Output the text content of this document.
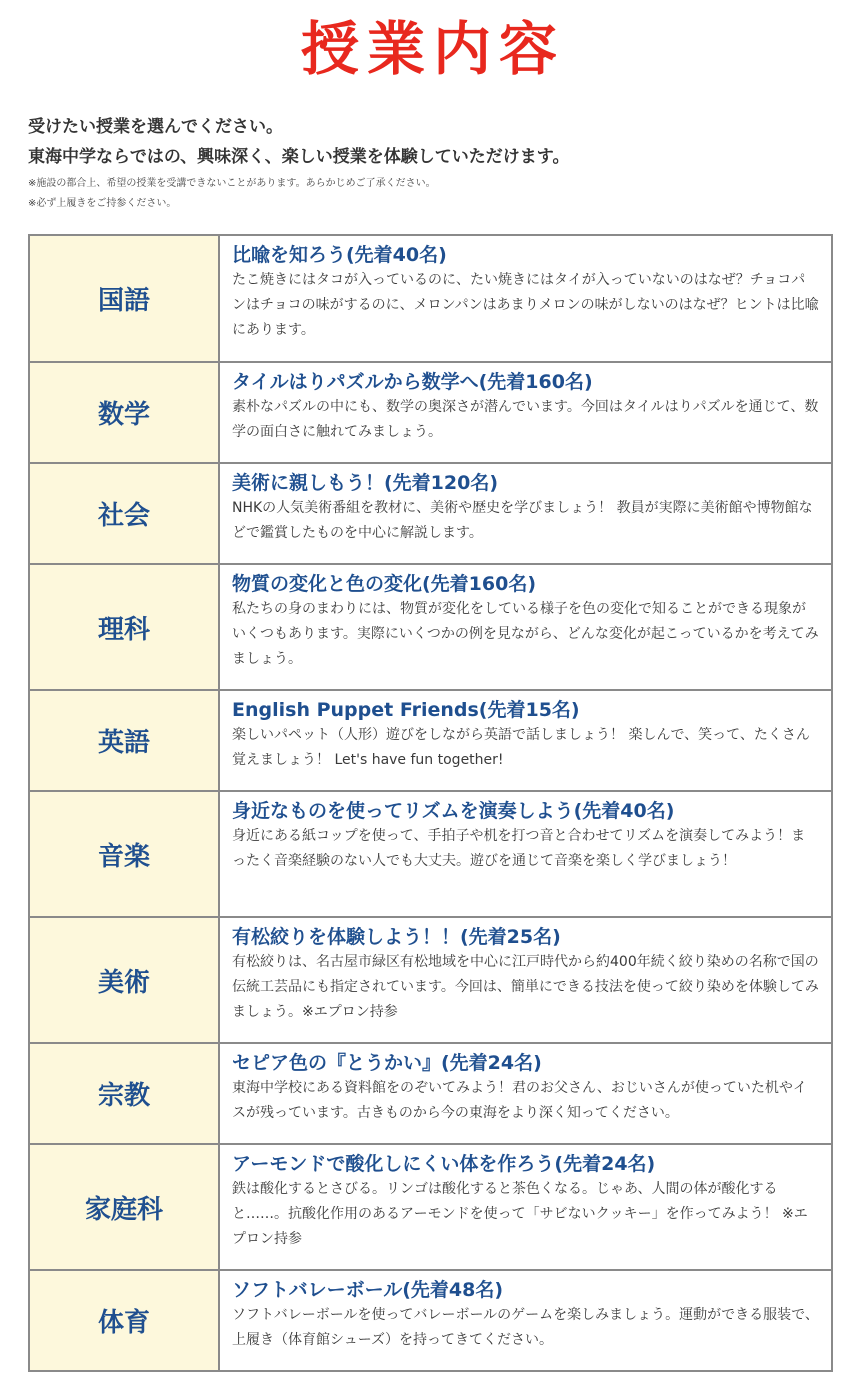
授業内容
受けたい授業を選んでください。
東海中学ならではの、興味深く、楽しい授業を体験していただけます。
※施設の都合上、希望の授業を受講できないことがあります。あらかじめご了承ください。
※必ず上履きをご持参ください。
国語	比喩を知ろう(先着40名)
たこ焼きにはタコが入っているのに、たい焼きにはタイが入っていないのはなぜ？チョコパンはチョコの味がするのに、メロンパンはあまりメロンの味がしないのはなぜ？ヒントは比喩にあります。

数学	タイルはりパズルから数学へ(先着160名)
素朴なパズルの中にも、数学の奥深さが潜んでいます。今回はタイルはりパズルを通じて、数学の面白さに触れてみましょう。

社会	美術に親しもう！(先着120名)
NHKの人気美術番組を教材に、美術や歴史を学びましょう！ 教員が実際に美術館や博物館などで鑑賞したものを中心に解説します。

理科	物質の変化と色の変化(先着160名)
私たちの身のまわりには、物質が変化をしている様子を色の変化で知ることができる現象がいくつもあります。実際にいくつかの例を見ながら、どんな変化が起こっているかを考えてみましょう。

英語	English Puppet Friends(先着15名)
楽しいパペット（人形）遊びをしながら英語で話しましょう！ 楽しんで、笑って、たくさん覚えましょう！ Let's have fun together!

音楽	身近なものを使ってリズムを演奏しよう(先着40名)
身近にある紙コップを使って、手拍子や机を打つ音と合わせてリズムを演奏してみよう！まったく音楽経験のない人でも大丈夫。遊びを通じて音楽を楽しく学びましょう！

美術	有松絞りを体験しよう！！(先着25名)
有松絞りは、名古屋市緑区有松地域を中心に江戸時代から約400年続く絞り染めの名称で国の伝統工芸品にも指定されています。今回は、簡単にできる技法を使って絞り染めを体験してみましょう。※エプロン持参

宗教	セピア色の『とうかい』(先着24名)
東海中学校にある資料館をのぞいてみよう！君のお父さん、おじいさんが使っていた机やイスが残っています。古きものから今の東海をより深く知ってください。

家庭科	アーモンドで酸化しにくい体を作ろう(先着24名)
鉄は酸化するとさびる。リンゴは酸化すると茶色くなる。じゃあ、人間の体が酸化すると……。抗酸化作用のあるアーモンドを使って「サビないクッキー」を作ってみよう！ ※エプロン持参

体育	ソフトバレーボール(先着48名)
ソフトバレーボールを使ってバレーボールのゲームを楽しみましょう。運動ができる服装で、上履き（体育館シューズ）を持ってきてください。
